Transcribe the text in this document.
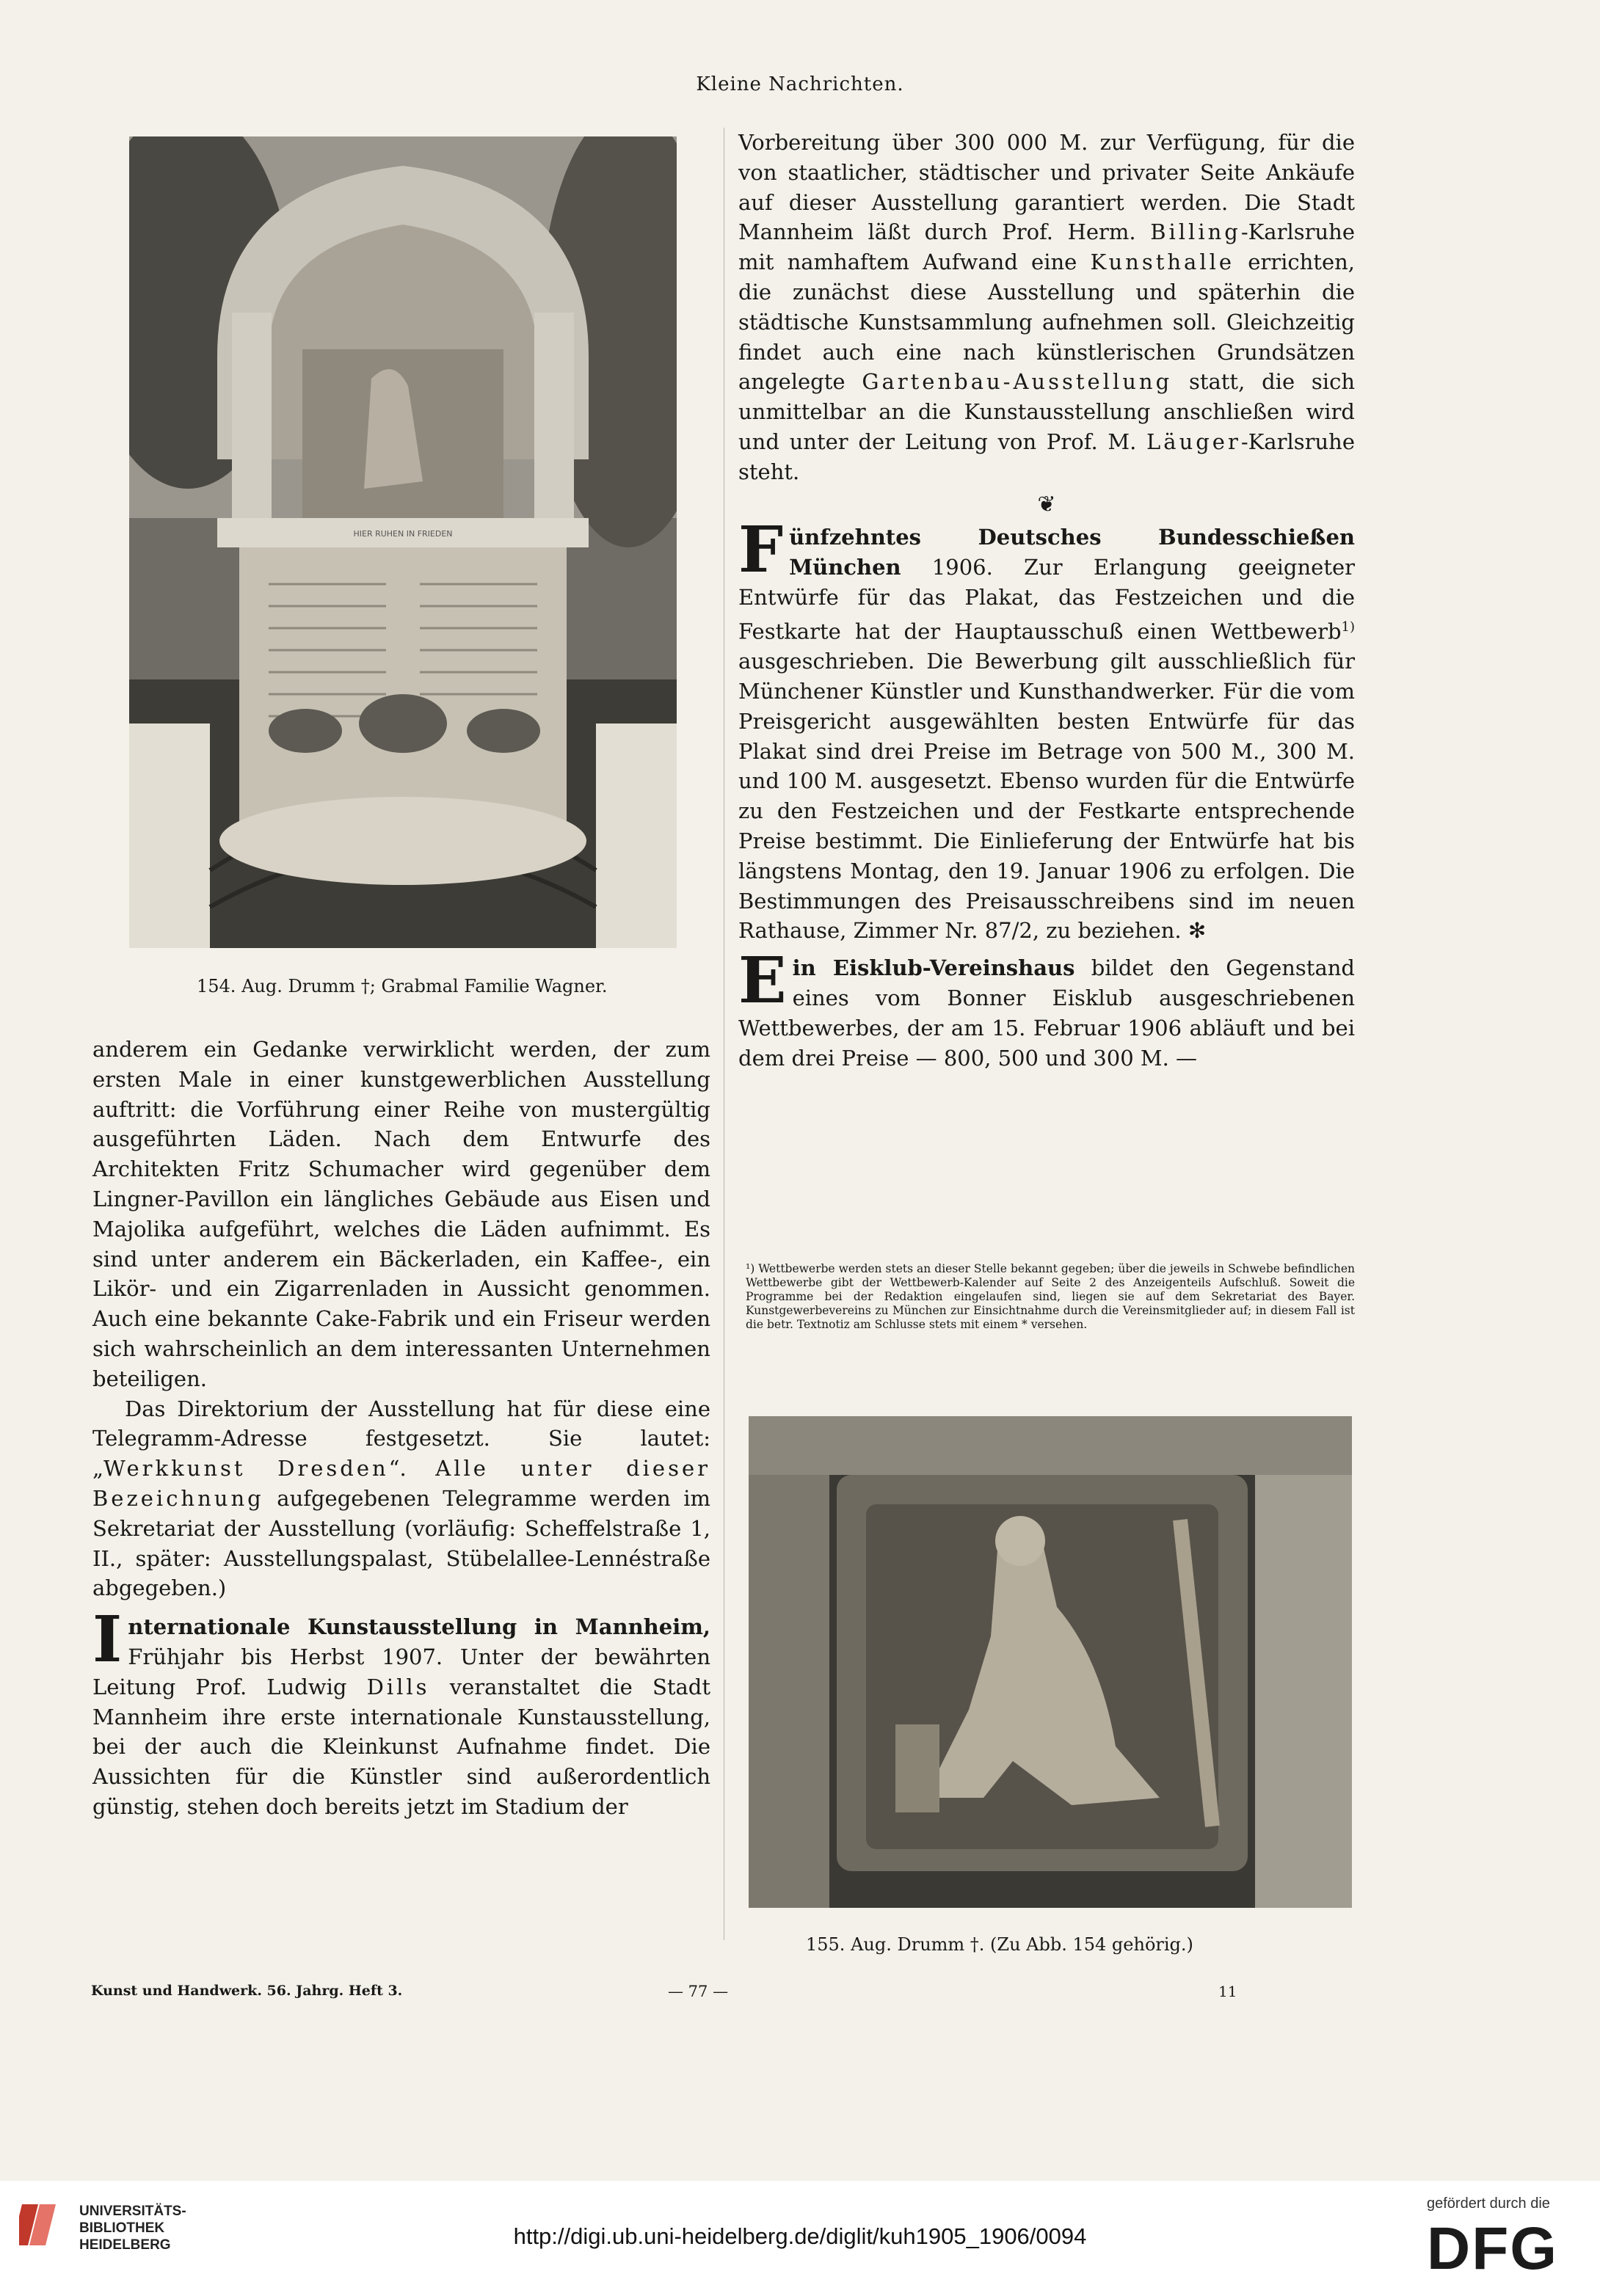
Kleine Nachrichten.
HIER RUHEN IN FRIEDEN
154. Aug. Drumm †; Grabmal Familie Wagner.

anderem ein Gedanke verwirklicht werden, der zum ersten Male in einer kunstgewerblichen Ausstellung auftritt: die Vorführung einer Reihe von mustergültig ausgeführten Läden. Nach dem Entwurfe des Architekten Fritz Schumacher wird gegenüber dem Lingner-Pavillon ein längliches Gebäude aus Eisen und Majolika aufgeführt, welches die Läden aufnimmt. Es sind unter anderem ein Bäckerladen, ein Kaffee-, ein Likör- und ein Zigarrenladen in Aussicht genommen. Auch eine bekannte Cake-Fabrik und ein Friseur werden sich wahrscheinlich an dem interessanten Unternehmen beteiligen.

Das Direktorium der Ausstellung hat für diese eine Telegramm-Adresse festgesetzt. Sie lautet: „Werkkunst Dresden“. Alle unter dieser Bezeichnung aufgegebenen Telegramme werden im Sekretariat der Ausstellung (vorläufig: Scheffelstraße 1, II., später: Ausstellungspalast, Stübelallee-Lennéstraße abgegeben.)

Internationale Kunstausstellung in Mannheim, Frühjahr bis Herbst 1907. Unter der bewährten Leitung Prof. Ludwig Dills veranstaltet die Stadt Mannheim ihre erste internationale Kunstausstellung, bei der auch die Kleinkunst Aufnahme findet. Die Aussichten für die Künstler sind außerordentlich günstig, stehen doch bereits jetzt im Stadium der

Vorbereitung über 300 000 M. zur Verfügung, für die von staatlicher, städtischer und privater Seite Ankäufe auf dieser Ausstellung garantiert werden. Die Stadt Mannheim läßt durch Prof. Herm. Billing-Karlsruhe mit namhaftem Aufwand eine Kunsthalle errichten, die zunächst diese Ausstellung und späterhin die städtische Kunstsammlung aufnehmen soll. Gleichzeitig findet auch eine nach künstlerischen Grundsätzen angelegte Gartenbau-Ausstellung statt, die sich unmittelbar an die Kunstausstellung anschließen wird und unter der Leitung von Prof. M. Läuger-Karlsruhe steht.

❦

Fünfzehntes Deutsches Bundesschießen München 1906. Zur Erlangung geeigneter Entwürfe für das Plakat, das Festzeichen und die Festkarte hat der Hauptausschuß einen Wettbewerb$^{1)}$ ausgeschrieben. Die Bewerbung gilt ausschließlich für Münchener Künstler und Kunsthandwerker. Für die vom Preisgericht ausgewählten besten Entwürfe für das Plakat sind drei Preise im Betrage von 500 M., 300 M. und 100 M. ausgesetzt. Ebenso wurden für die Entwürfe zu den Festzeichen und der Festkarte entsprechende Preise bestimmt. Die Einlieferung der Entwürfe hat bis längstens Montag, den 19. Januar 1906 zu erfolgen. Die Bestimmungen des Preisausschreibens sind im neuen Rathause, Zimmer Nr. 87/2, zu beziehen. ✻

Ein Eisklub-Vereinshaus bildet den Gegenstand eines vom Bonner Eisklub ausgeschriebenen Wettbewerbes, der am 15. Februar 1906 abläuft und bei dem drei Preise — 800, 500 und 300 M. —

¹) Wettbewerbe werden stets an dieser Stelle bekannt gegeben; über die jeweils in Schwebe befindlichen Wettbewerbe gibt der Wettbewerb-Kalender auf Seite 2 des Anzeigenteils Aufschluß. Soweit die Programme bei der Redaktion eingelaufen sind, liegen sie auf dem Sekretariat des Bayer. Kunstgewerbevereins zu München zur Einsichtnahme durch die Vereinsmitglieder auf; in diesem Fall ist die betr. Textnotiz am Schlusse stets mit einem * versehen.
155. Aug. Drumm †. (Zu Abb. 154 gehörig.)
Kunst und Handwerk. 56. Jahrg. Heft 3.	— 77 —	11
UNIVERSITÄTS-
BIBLIOTHEK
HEIDELBERG	http://digi.ub.uni-heidelberg.de/diglit/kuh1905_1906/0094
gefördert durch die
DFG
